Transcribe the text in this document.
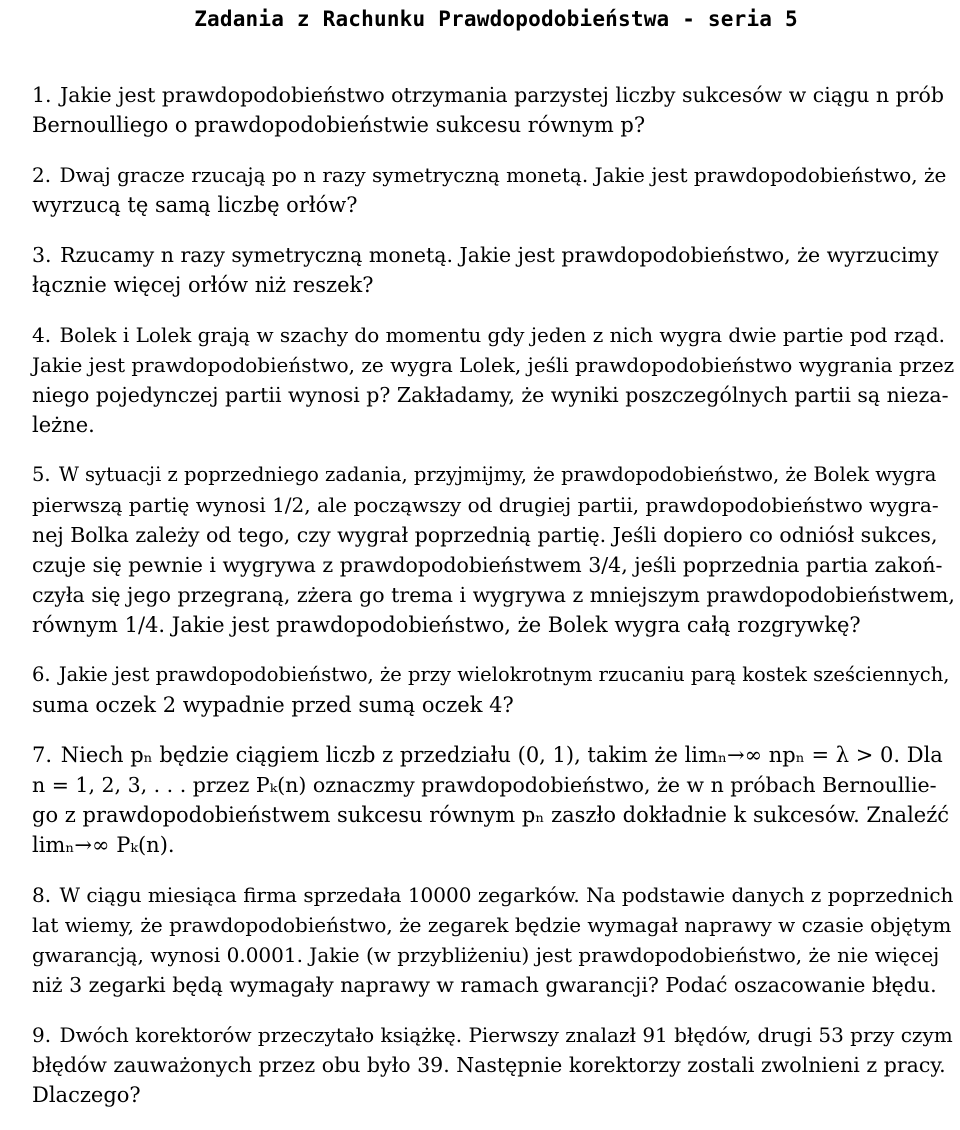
Zadania z Rachunku Prawdopodobieństwa - seria 5
1. Jakie jest prawdopodobieństwo otrzymania parzystej liczby sukcesów w ciągu n prób
Bernoulliego o prawdopodobieństwie sukcesu równym p?
2. Dwaj gracze rzucają po n razy symetryczną monetą. Jakie jest prawdopodobieństwo, że
wyrzucą tę samą liczbę orłów?
3. Rzucamy n razy symetryczną monetą. Jakie jest prawdopodobieństwo, że wyrzucimy
łącznie więcej orłów niż reszek?
4. Bolek i Lolek grają w szachy do momentu gdy jeden z nich wygra dwie partie pod rząd.
Jakie jest prawdopodobieństwo, ze wygra Lolek, jeśli prawdopodobieństwo wygrania przez
niego pojedynczej partii wynosi p? Zakładamy, że wyniki poszczególnych partii są nieza-
leżne.
5. W sytuacji z poprzedniego zadania, przyjmijmy, że prawdopodobieństwo, że Bolek wygra
pierwszą partię wynosi 1/2, ale począwszy od drugiej partii, prawdopodobieństwo wygra-
nej Bolka zależy od tego, czy wygrał poprzednią partię. Jeśli dopiero co odniósł sukces,
czuje się pewnie i wygrywa z prawdopodobieństwem 3/4, jeśli poprzednia partia zakoń-
czyła się jego przegraną, zżera go trema i wygrywa z mniejszym prawdopodobieństwem,
równym 1/4. Jakie jest prawdopodobieństwo, że Bolek wygra całą rozgrywkę?
6. Jakie jest prawdopodobieństwo, że przy wielokrotnym rzucaniu parą kostek sześciennych,
suma oczek 2 wypadnie przed sumą oczek 4?
7. Niech pₙ będzie ciągiem liczb z przedziału (0, 1), takim że limₙ→∞ npₙ = λ > 0. Dla
n = 1, 2, 3, . . . przez Pₖ(n) oznaczmy prawdopodobieństwo, że w n próbach Bernoullie-
go z prawdopodobieństwem sukcesu równym pₙ zaszło dokładnie k sukcesów. Znaleźć
limₙ→∞ Pₖ(n).
8. W ciągu miesiąca firma sprzedała 10000 zegarków. Na podstawie danych z poprzednich
lat wiemy, że prawdopodobieństwo, że zegarek będzie wymagał naprawy w czasie objętym
gwarancją, wynosi 0.0001. Jakie (w przybliżeniu) jest prawdopodobieństwo, że nie więcej
niż 3 zegarki będą wymagały naprawy w ramach gwarancji? Podać oszacowanie błędu.
9. Dwóch korektorów przeczytało książkę. Pierwszy znalazł 91 błędów, drugi 53 przy czym
błędów zauważonych przez obu było 39. Następnie korektorzy zostali zwolnieni z pracy.
Dlaczego?
